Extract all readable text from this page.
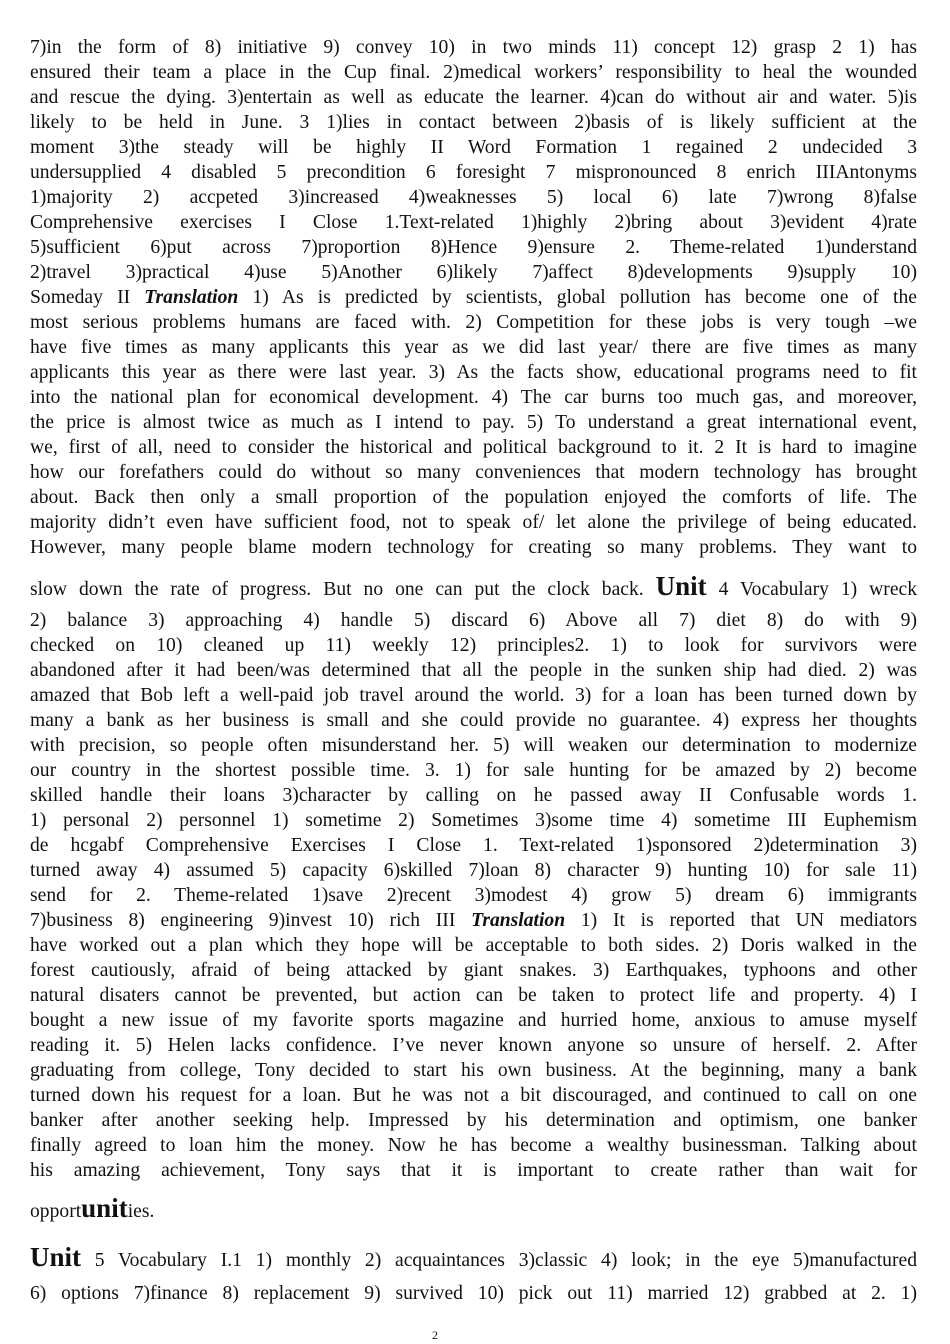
7)in the form of 8) initiative 9) convey 10) in two minds 11) concept 12) grasp 2 1) has
ensured their team a place in the Cup final. 2)medical workers’ responsibility to heal the wounded
and rescue the dying. 3)entertain as well as educate the learner. 4)can do without air and water. 5)is
likely to be held in June. 3 1)lies in contact between 2)basis of is likely sufficient at the
moment 3)the steady will be highly II Word Formation 1 regained 2 undecided 3
undersupplied 4 disabled 5 precondition 6 foresight 7 mispronounced 8 enrich IIIAntonyms
1)majority 2) accpeted 3)increased 4)weaknesses 5) local 6) late 7)wrong 8)false
Comprehensive exercises I Close 1.Text-related 1)highly 2)bring about 3)evident 4)rate
5)sufficient 6)put across 7)proportion 8)Hence 9)ensure 2. Theme-related 1)understand
2)travel 3)practical 4)use 5)Another 6)likely 7)affect 8)developments 9)supply 10)
Someday II Translation 1) As is predicted by scientists, global pollution has become one of the
most serious problems humans are faced with. 2) Competition for these jobs is very tough –we
have five times as many applicants this year as we did last year/ there are five times as many
applicants this year as there were last year. 3) As the facts show, educational programs need to fit
into the national plan for economical development. 4) The car burns too much gas, and moreover,
the price is almost twice as much as I intend to pay. 5) To understand a great international event,
we, first of all, need to consider the historical and political background to it. 2 It is hard to imagine
how our forefathers could do without so many conveniences that modern technology has brought
about. Back then only a small proportion of the population enjoyed the comforts of life. The
majority didn’t even have sufficient food, not to speak of/ let alone the privilege of being educated.
However, many people blame modern technology for creating so many problems. They want to
slow down the rate of progress. But no one can put the clock back. Unit 4 Vocabulary 1) wreck
2) balance 3) approaching 4) handle 5) discard 6) Above all 7) diet 8) do with 9)
checked on 10) cleaned up 11) weekly 12) principles2. 1) to look for survivors were
abandoned after it had been/was determined that all the people in the sunken ship had died. 2) was
amazed that Bob left a well-paid job travel around the world. 3) for a loan has been turned down by
many a bank as her business is small and she could provide no guarantee. 4) express her thoughts
with precision, so people often misunderstand her. 5) will weaken our determination to modernize
our country in the shortest possible time. 3. 1) for sale hunting for be amazed by 2) become
skilled handle their loans 3)character by calling on he passed away II Confusable words 1.
1) personal 2) personnel 1) sometime 2) Sometimes 3)some time 4) sometime III Euphemism
de hcgabf Comprehensive Exercises I Close 1. Text-related 1)sponsored 2)determination 3)
turned away 4) assumed 5) capacity 6)skilled 7)loan 8) character 9) hunting 10) for sale 11)
send for 2. Theme-related 1)save 2)recent 3)modest 4) grow 5) dream 6) immigrants
7)business 8) engineering 9)invest 10) rich III Translation 1) It is reported that UN mediators
have worked out a plan which they hope will be acceptable to both sides. 2) Doris walked in the
forest cautiously, afraid of being attacked by giant snakes. 3) Earthquakes, typhoons and other
natural disaters cannot be prevented, but action can be taken to protect life and property. 4) I
bought a new issue of my favorite sports magazine and hurried home, anxious to amuse myself
reading it. 5) Helen lacks confidence. I’ve never known anyone so unsure of herself. 2. After
graduating from college, Tony decided to start his own business. At the beginning, many a bank
turned down his request for a loan. But he was not a bit discouraged, and continued to call on one
banker after another seeking help. Impressed by his determination and optimism, one banker
finally agreed to loan him the money. Now he has become a wealthy businessman. Talking about
his amazing achievement, Tony says that it is important to create rather than wait for
opportunities.
Unit 5 Vocabulary I.1 1) monthly 2) acquaintances 3)classic 4) look; in the eye 5)manufactured
6) options 7)finance 8) replacement 9) survived 10) pick out 11) married 12) grabbed at 2. 1)
2
